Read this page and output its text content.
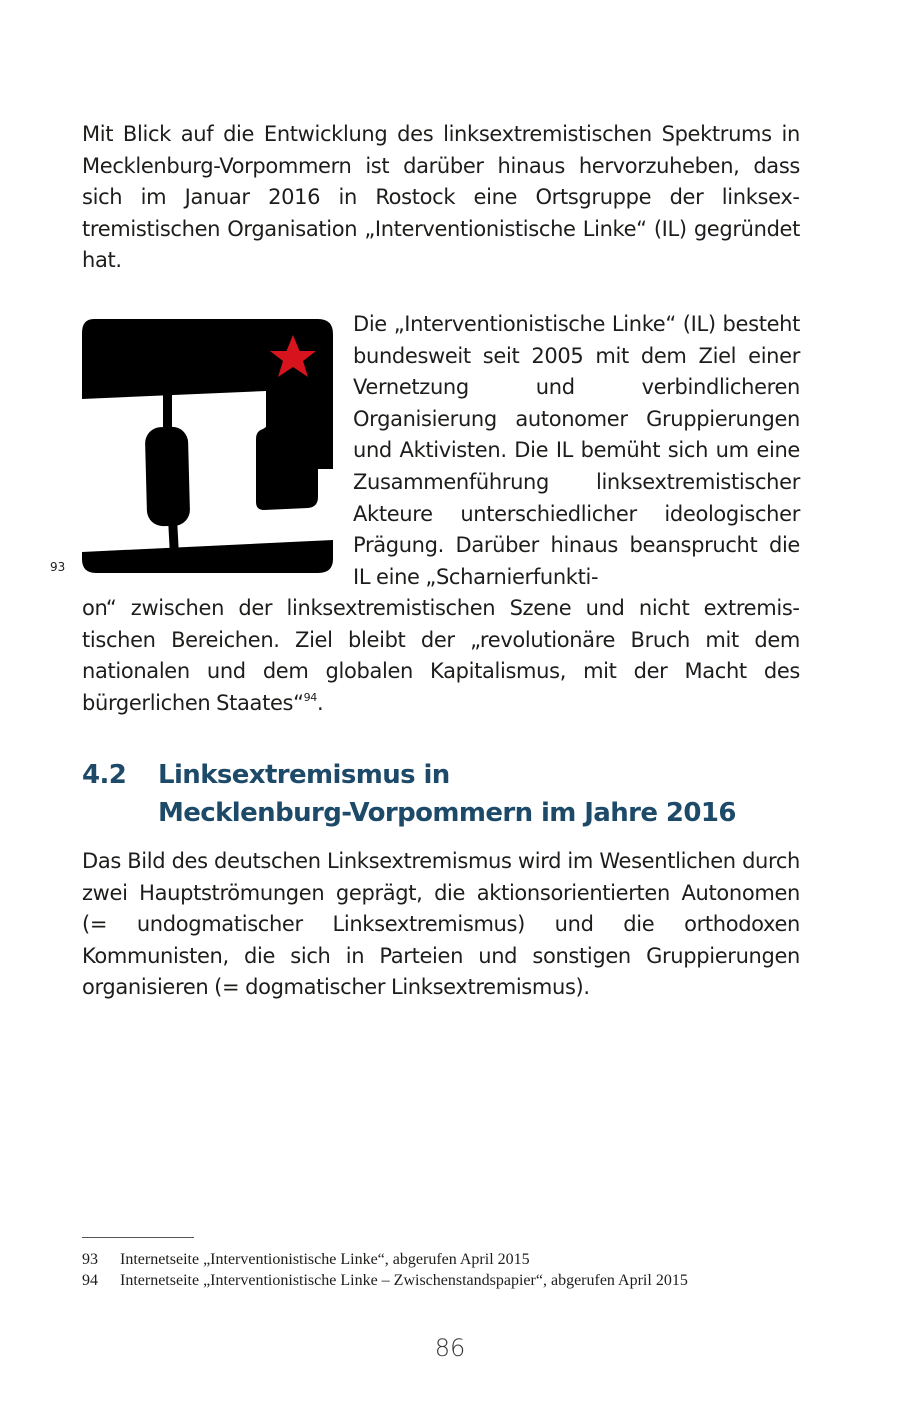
Mit Blick auf die Entwicklung des linksextremistischen Spektrums in Mecklenburg-Vorpommern ist darüber hinaus hervorzuheben, dass sich im Januar 2016 in Rostock eine Ortsgruppe der linksextremistischen Organisation „Interventionistische Linke“ (IL) gegründet hat.

93

Die „Interventionistische Linke“ (IL) besteht bundesweit seit 2005 mit dem Ziel einer Vernetzung und verbindlicheren Organisierung autonomer Gruppierungen und Aktivisten. Die IL bemüht sich um eine Zusammenführung linksextremistischer Akteure unterschiedlicher ideologischer Prägung. Darüber hinaus beansprucht die IL eine „Scharnierfunkti-

on“ zwischen der linksextremistischen Szene und nicht extremistischen Bereichen. Ziel bleibt der „revolutionäre Bruch mit dem nationalen und dem globalen Kapitalismus, mit der Macht des bürgerlichen Staates“$^{94}$.

4.2 Linksextremismus in
Mecklenburg-Vorpommern im Jahre 2016

Das Bild des deutschen Linksextremismus wird im Wesentlichen durch zwei Hauptströmungen geprägt, die aktionsorientierten Autonomen (= undogmatischer Linksextremismus) und die orthodoxen Kommunisten, die sich in Parteien und sonstigen Gruppierungen organisieren (= dogmatischer Linksextremismus).

93 Internetseite „Interventionistische Linke“, abgerufen April 2015
94 Internetseite „Interventionistische Linke – Zwischenstandspapier“, abgerufen April 2015
86
